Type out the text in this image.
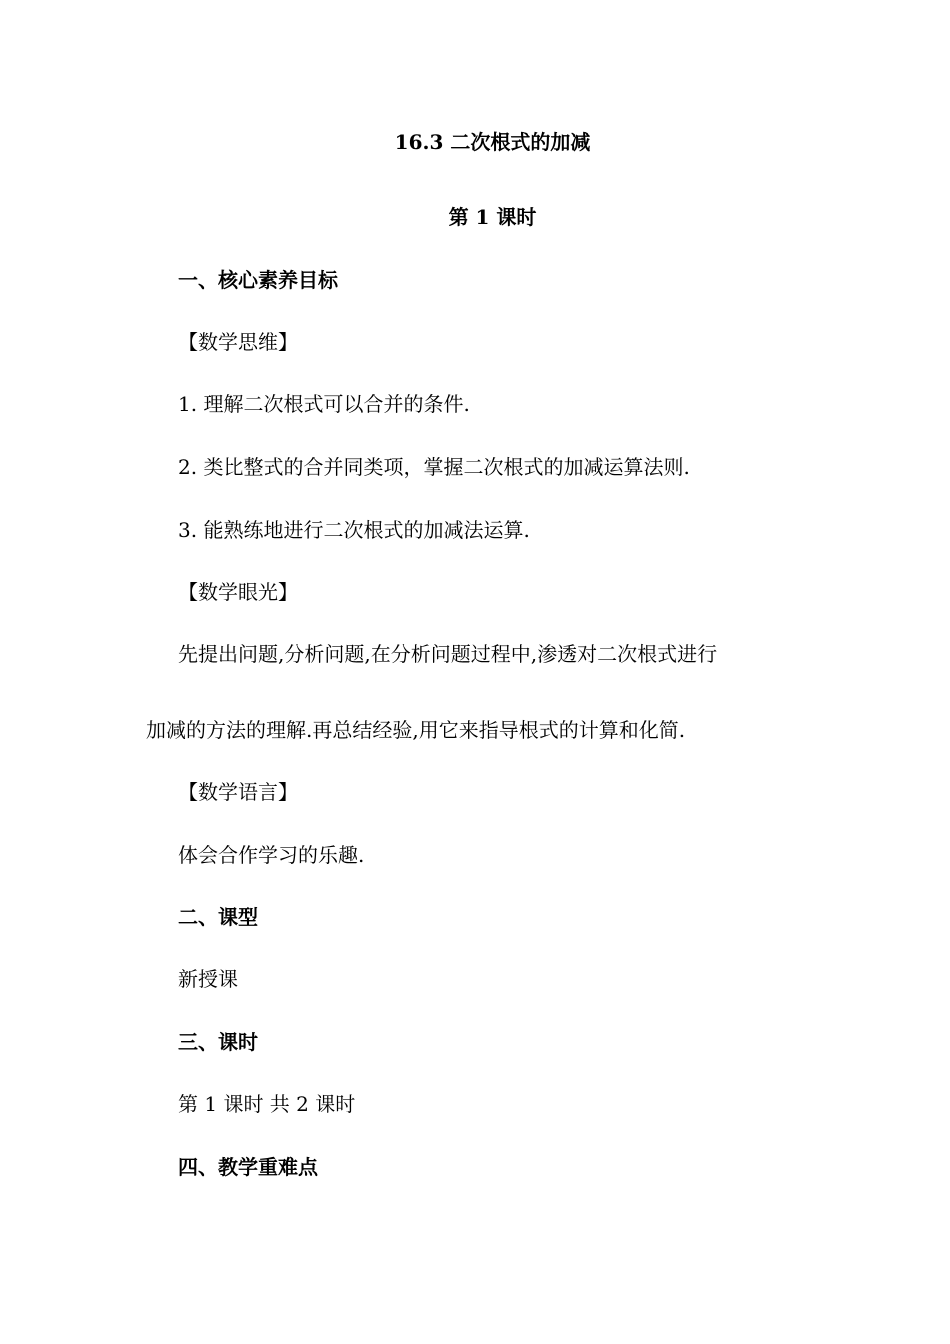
16.3 二次根式的加减
第 1 课时
一、核心素养目标
【数学思维】
1. 理解二次根式可以合并的条件.
2. 类比整式的合并同类项，掌握二次根式的加减运算法则.
3. 能熟练地进行二次根式的加减法运算.
【数学眼光】
先提出问题,分析问题,在分析问题过程中,渗透对二次根式进行
加减的方法的理解.再总结经验,用它来指导根式的计算和化简.
【数学语言】
体会合作学习的乐趣.
二、课型
新授课
三、课时
第 1 课时 共 2 课时
四、教学重难点
